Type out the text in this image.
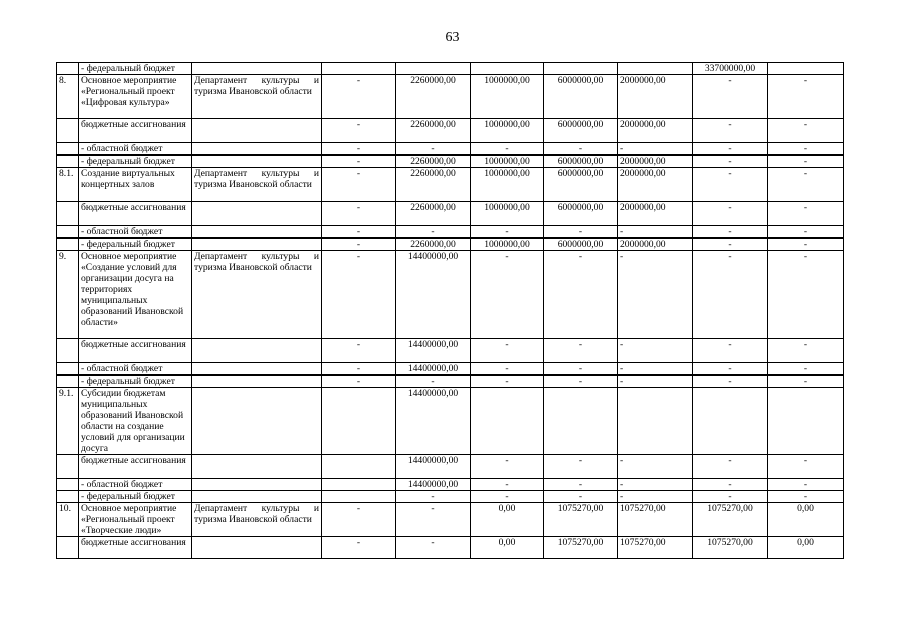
63
	- федеральный бюджет							33700000,00	
8.	Основное мероприятие «Региональный проект «Цифровая культура»	Департамент культуры и туризма Ивановской области	-	2260000,00	1000000,00	6000000,00	2000000,00	-	-
	бюджетные ассигнования		-	2260000,00	1000000,00	6000000,00	2000000,00	-	-
	- областной бюджет		-	-	-	-	-	-	-
	- федеральный бюджет		-	2260000,00	1000000,00	6000000,00	2000000,00	-	-
8.1.	Создание виртуальных концертных залов	Департамент культуры и туризма Ивановской области	-	2260000,00	1000000,00	6000000,00	2000000,00	-	-
	бюджетные ассигнования		-	2260000,00	1000000,00	6000000,00	2000000,00	-	-
	- областной бюджет		-	-	-	-	-	-	-
	- федеральный бюджет		-	2260000,00	1000000,00	6000000,00	2000000,00	-	-
9.	Основное мероприятие «Создание условий для организации досуга на территориях муниципальных образований Ивановской области»	Департамент культуры и туризма Ивановской области	-	14400000,00	-	-	-	-	-
	бюджетные ассигнования		-	14400000,00	-	-	-	-	-
	- областной бюджет		-	14400000,00	-	-	-	-	-
	- федеральный бюджет		-	-	-	-	-	-	-
9.1.	Субсидии бюджетам муниципальных образований Ивановской области на создание условий для организации досуга			14400000,00					
	бюджетные ассигнования			14400000,00	-	-	-	-	-
	- областной бюджет			14400000,00	-	-	-	-	-
	- федеральный бюджет			-	-	-	-	-	-
10.	Основное мероприятие «Региональный проект «Творческие люди»	Департамент культуры и туризма Ивановской области	-	-	0,00	1075270,00	1075270,00	1075270,00	0,00
	бюджетные ассигнования		-	-	0,00	1075270,00	1075270,00	1075270,00	0,00
